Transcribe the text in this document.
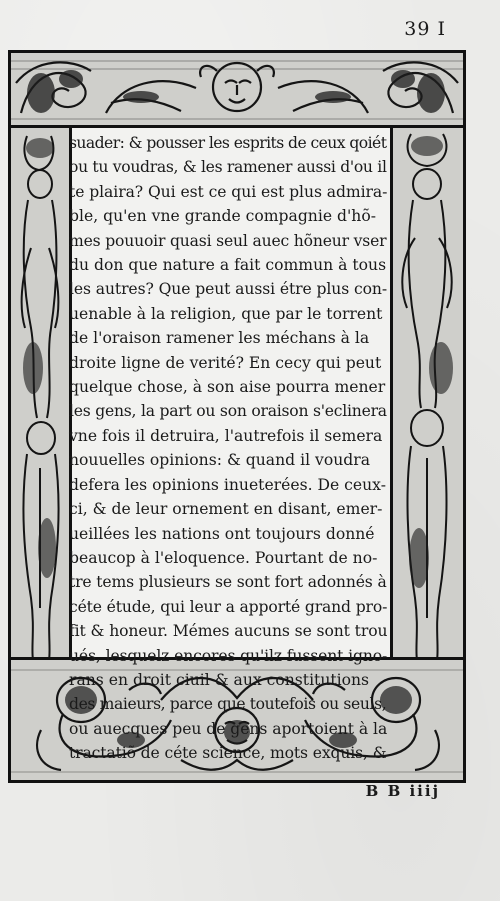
39 I
suader: & pousser les esprits de ceux qoiét
ou tu voudras, & les ramener aussi d'ou il
te plaira? Qui est ce qui est plus admira-
ble, qu'en vne grande compagnie d'hõ-
mes pouuoir quasi seul auec hõneur vser
du don que nature a fait commun à tous
les autres? Que peut aussi étre plus con-
uenable à la religion, que par le torrent
de l'oraison ramener les méchans à la
droite ligne de verité? En cecy qui peut
quelque chose, à son aise pourra mener
les gens, la part ou son oraison s'eclinera
vne fois il detruira, l'autrefois il semera
nouuelles opinions: & quand il voudra
defera les opinions inueterées. De ceux-
ci, & de leur ornement en disant, emer-
ueillées les nations ont toujours donné
beaucop à l'eloquence. Pourtant de no-
tre tems plusieurs se sont fort adonnés à
céte étude, qui leur a apporté grand pro-
fit & honeur. Mémes aucuns se sont trou
ués, lesquelz encores qu'ilz fussent igno-
rans en droit ciuil & aux constitutions
des maieurs, parce que toutefois ou seuls,
ou auecques peu de gens aportoient à la
tractatiõ de céte science, mots exquis, &
B B iiij
